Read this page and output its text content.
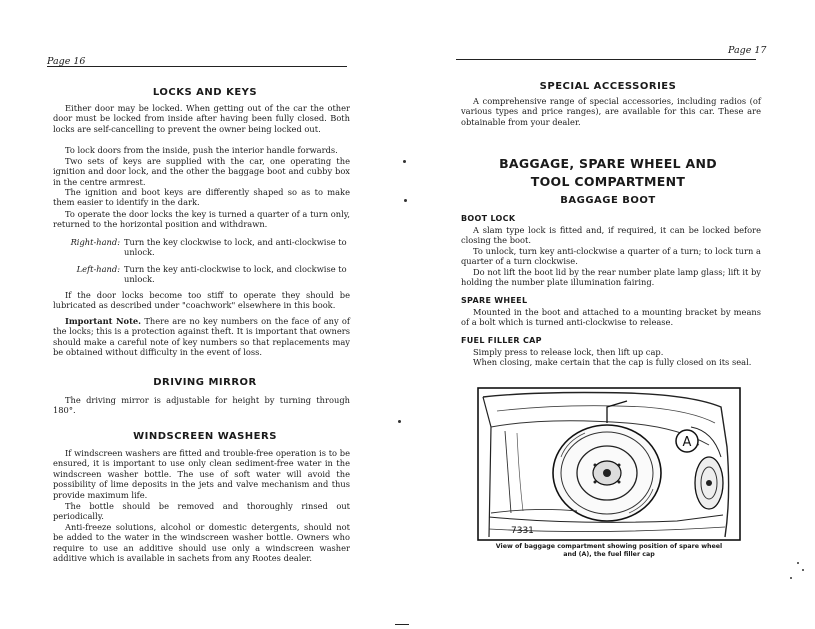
Page 16
LOCKS AND KEYS

Either door may be locked. When getting out of the car the other door must be locked from inside after having been fully closed. Both locks are self-cancelling to prevent the owner being locked out.

To lock doors from the inside, push the interior handle forwards.

Two sets of keys are supplied with the car, one operating the ignition and door lock, and the other the baggage boot and cubby box in the centre armrest.

The ignition and boot keys are differently shaped so as to make them easier to identify in the dark.

To operate the door locks the key is turned a quarter of a turn only, returned to the horizontal position and withdrawn.

Right-hand: Turn the key clockwise to lock, and anti-clockwise to unlock.
Left-hand: Turn the key anti-clockwise to lock, and clockwise to unlock.

If the door locks become too stiff to operate they should be lubricated as described under "coachwork" elsewhere in this book.

Important Note. There are no key numbers on the face of any of the locks; this is a protection against theft. It is important that owners should make a careful note of key numbers so that replacements may be obtained without difficulty in the event of loss.

DRIVING MIRROR

The driving mirror is adjustable for height by turning through 180°.

WINDSCREEN WASHERS

If windscreen washers are fitted and trouble-free operation is to be ensured, it is important to use only clean sediment-free water in the windscreen washer bottle. The use of soft water will avoid the possibility of lime deposits in the jets and valve mechanism and thus provide maximum life.

The bottle should be removed and thoroughly rinsed out periodically.

Anti-freeze solutions, alcohol or domestic detergents, should not be added to the water in the windscreen washer bottle. Owners who require to use an additive should use only a windscreen washer additive which is available in sachets from any Rootes dealer.

Page 17
SPECIAL ACCESSORIES

A comprehensive range of special accessories, including radios (of various types and price ranges), are available for this car. These are obtainable from your dealer.

BAGGAGE, SPARE WHEEL AND
TOOL COMPARTMENT
BAGGAGE BOOT
BOOT LOCK

A slam type lock is fitted and, if required, it can be locked before closing the boot.

To unlock, turn key anti-clockwise a quarter of a turn; to lock turn a quarter of a turn clockwise.

Do not lift the boot lid by the rear number plate lamp glass; lift it by holding the number plate illumination fairing.

SPARE WHEEL

Mounted in the boot and attached to a mounting bracket by means of a bolt which is turned anti-clockwise to release.

FUEL FILLER CAP

Simply press to release lock, then lift up cap.

When closing, make certain that the cap is fully closed on its seal.

A
7331
View of baggage compartment showing position of spare wheel
and (A), the fuel filler cap
